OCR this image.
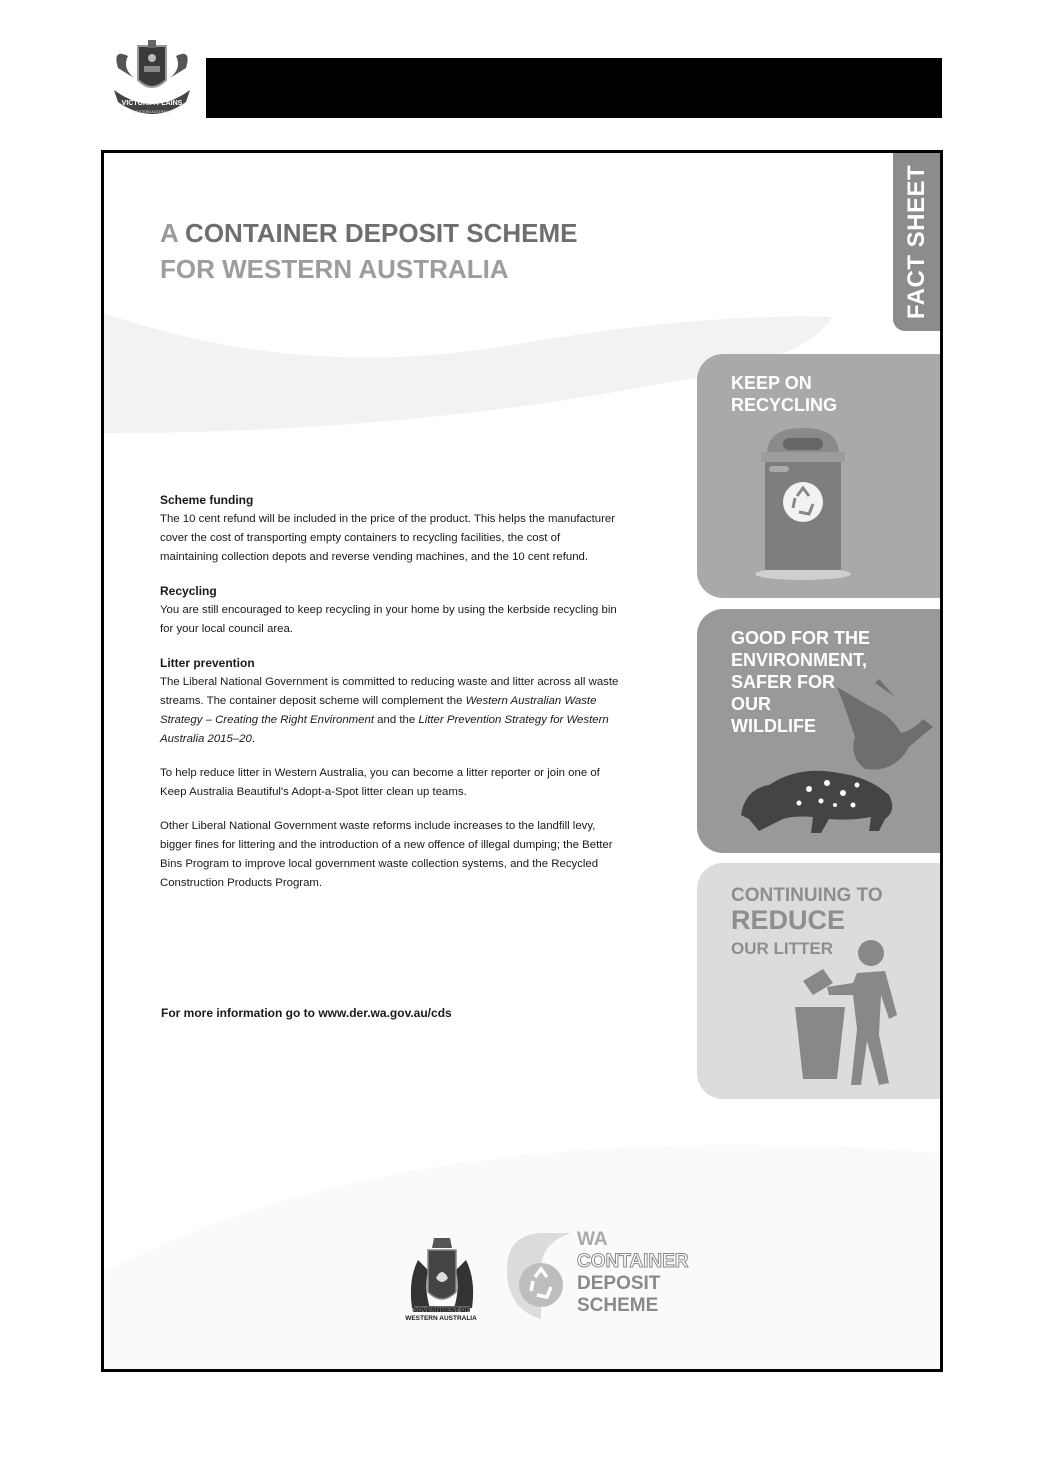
VICTORIA PLAINS
WESTERN AUSTRALIA
A CONTAINER DEPOSIT SCHEME
FOR WESTERN AUSTRALIA	FACT SHEET
KEEP ON
RECYCLING
GOOD FOR THE
ENVIRONMENT,
SAFER FOR
OUR
WILDLIFE
CONTINUING TO
REDUCE
OUR LITTER
Scheme funding

The 10 cent refund will be included in the price of the product. This helps the manufacturer cover the cost of transporting empty containers to recycling facilities, the cost of maintaining collection depots and reverse vending machines, and the 10 cent refund.

Recycling

You are still encouraged to keep recycling in your home by using the kerbside recycling bin for your local council area.

Litter prevention

The Liberal National Government is committed to reducing waste and litter across all waste streams. The container deposit scheme will complement the Western Australian Waste Strategy – Creating the Right Environment and the Litter Prevention Strategy for Western Australia 2015–20.

To help reduce litter in Western Australia, you can become a litter reporter or join one of Keep Australia Beautiful's Adopt-a-Spot litter clean up teams.

Other Liberal National Government waste reforms include increases to the landfill levy, bigger fines for littering and the introduction of a new offence of illegal dumping; the Better Bins Program to improve local government waste collection systems, and the Recycled Construction Products Program.

For more information go to www.der.wa.gov.au/cds
GOVERNMENT OF
WESTERN AUSTRALIA
WA
CONTAINER
DEPOSIT
SCHEME
